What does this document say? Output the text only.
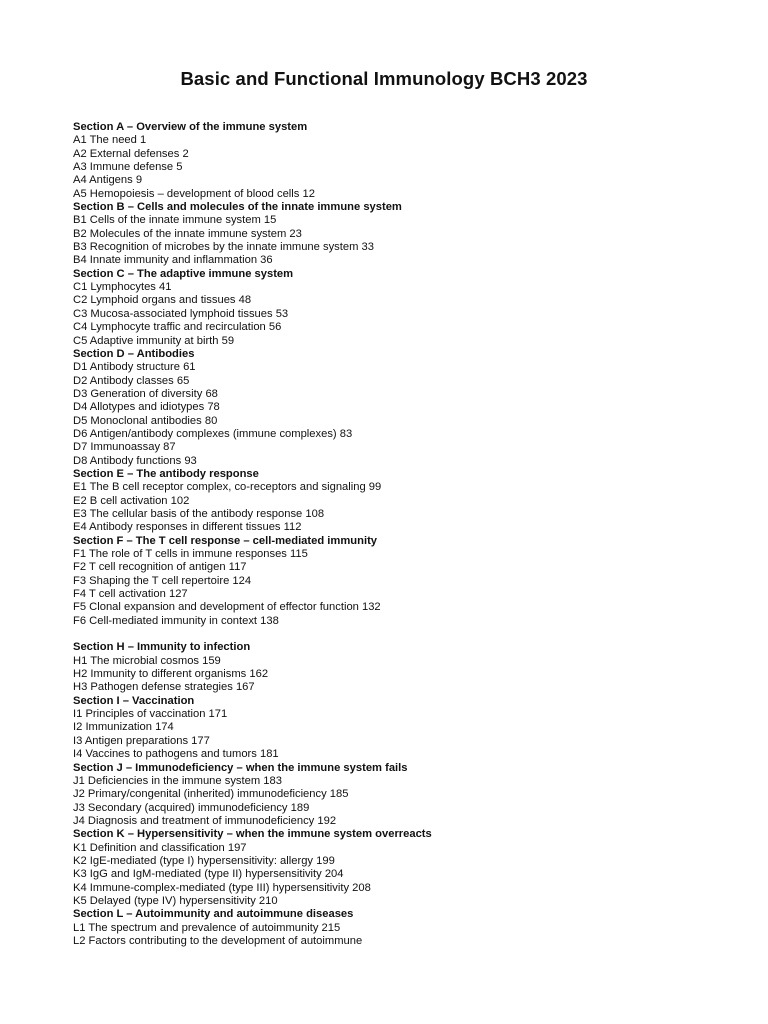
Basic and Functional Immunology BCH3 2023
Section A – Overview of the immune system
A1 The need 1
A2 External defenses 2
A3 Immune defense 5
A4 Antigens 9
A5 Hemopoiesis – development of blood cells 12
Section B – Cells and molecules of the innate immune system
B1 Cells of the innate immune system 15
B2 Molecules of the innate immune system 23
B3 Recognition of microbes by the innate immune system 33
B4 Innate immunity and inflammation 36
Section C – The adaptive immune system
C1 Lymphocytes 41
C2 Lymphoid organs and tissues 48
C3 Mucosa-associated lymphoid tissues 53
C4 Lymphocyte traffic and recirculation 56
C5 Adaptive immunity at birth 59
Section D – Antibodies
D1 Antibody structure 61
D2 Antibody classes 65
D3 Generation of diversity 68
D4 Allotypes and idiotypes 78
D5 Monoclonal antibodies 80
D6 Antigen/antibody complexes (immune complexes) 83
D7 Immunoassay 87
D8 Antibody functions 93
Section E – The antibody response
E1 The B cell receptor complex, co-receptors and signaling 99
E2 B cell activation 102
E3 The cellular basis of the antibody response 108
E4 Antibody responses in different tissues 112
Section F – The T cell response – cell-mediated immunity
F1 The role of T cells in immune responses 115
F2 T cell recognition of antigen 117
F3 Shaping the T cell repertoire 124
F4 T cell activation 127
F5 Clonal expansion and development of effector function 132
F6 Cell-mediated immunity in context 138
Section H – Immunity to infection
H1 The microbial cosmos 159
H2 Immunity to different organisms 162
H3 Pathogen defense strategies 167
Section I – Vaccination
I1 Principles of vaccination 171
I2 Immunization 174
I3 Antigen preparations 177
I4 Vaccines to pathogens and tumors 181
Section J – Immunodeficiency – when the immune system fails
J1 Deficiencies in the immune system 183
J2 Primary/congenital (inherited) immunodeficiency 185
J3 Secondary (acquired) immunodeficiency 189
J4 Diagnosis and treatment of immunodeficiency 192
Section K – Hypersensitivity – when the immune system overreacts
K1 Definition and classification 197
K2 IgE-mediated (type I) hypersensitivity: allergy 199
K3 IgG and IgM-mediated (type II) hypersensitivity 204
K4 Immune-complex-mediated (type III) hypersensitivity 208
K5 Delayed (type IV) hypersensitivity 210
Section L – Autoimmunity and autoimmune diseases
L1 The spectrum and prevalence of autoimmunity 215
L2 Factors contributing to the development of autoimmune
